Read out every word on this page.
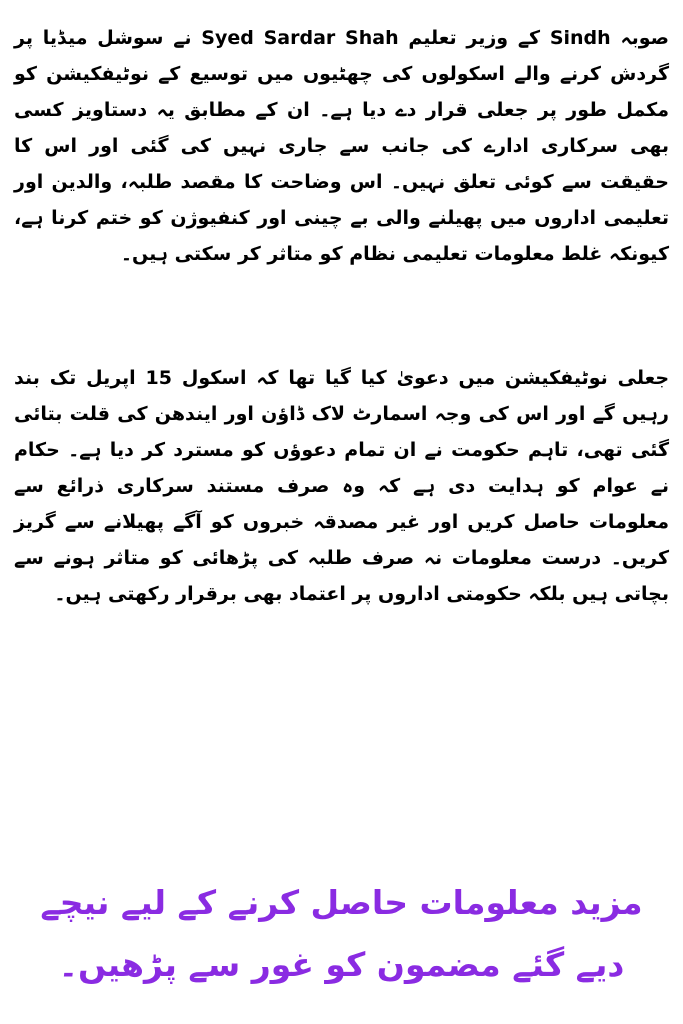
صوبہ Sindh کے وزیر تعلیم Syed Sardar Shah نے سوشل میڈیا پر گردش کرنے والے اسکولوں کی چھٹیوں میں توسیع کے نوٹیفکیشن کو مکمل طور پر جعلی قرار دے دیا ہے۔ ان کے مطابق یہ دستاویز کسی بھی سرکاری ادارے کی جانب سے جاری نہیں کی گئی اور اس کا حقیقت سے کوئی تعلق نہیں۔ اس وضاحت کا مقصد طلبہ، والدین اور تعلیمی اداروں میں پھیلنے والی بے چینی اور کنفیوژن کو ختم کرنا ہے، کیونکہ غلط معلومات تعلیمی نظام کو متاثر کر سکتی ہیں۔

جعلی نوٹیفکیشن میں دعویٰ کیا گیا تھا کہ اسکول 15 اپریل تک بند رہیں گے اور اس کی وجہ اسمارٹ لاک ڈاؤن اور ایندھن کی قلت بتائی گئی تھی، تاہم حکومت نے ان تمام دعوؤں کو مسترد کر دیا ہے۔ حکام نے عوام کو ہدایت دی ہے کہ وہ صرف مستند سرکاری ذرائع سے معلومات حاصل کریں اور غیر مصدقہ خبروں کو آگے پھیلانے سے گریز کریں۔ درست معلومات نہ صرف طلبہ کی پڑھائی کو متاثر ہونے سے بچاتی ہیں بلکہ حکومتی اداروں پر اعتماد بھی برقرار رکھتی ہیں۔

مزید معلومات حاصل کرنے کے لیے نیچے
دیے گئے مضمون کو غور سے پڑھیں۔
